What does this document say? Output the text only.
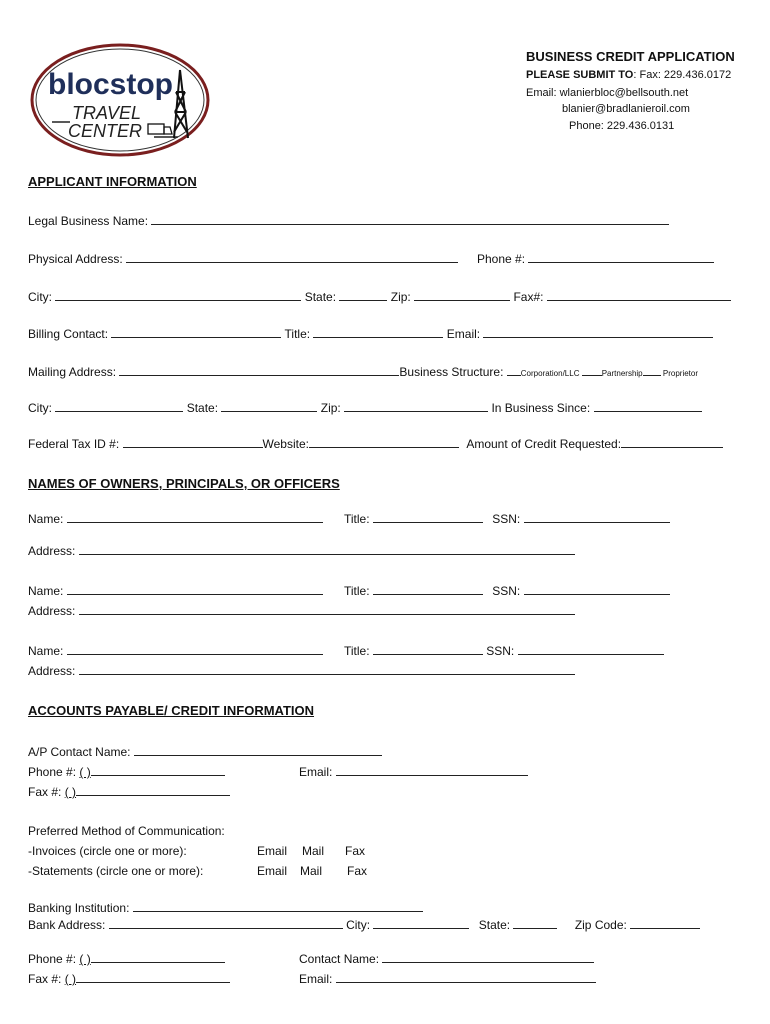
blocstop
TRAVEL
CENTER
BUSINESS CREDIT APPLICATION
PLEASE SUBMIT TO: Fax: 229.436.0172
Email: wlanierbloc@bellsouth.net
blanier@bradlanieroil.com
Phone: 229.436.0131
APPLICANT INFORMATION
Legal Business Name:
Physical Address:	Phone #:
City:	State:	Zip:	Fax#:
Billing Contact:	Title:	Email:
Mailing Address:	Business Structure: Corporation/LLC	Partnership	Proprietor
City:	State:	Zip:	In Business Since:
Federal Tax ID #:	Website:	Amount of Credit Requested:
NAMES OF OWNERS, PRINCIPALS, OR OFFICERS
Name:	Title:	SSN:
Address:
Name:	Title:	SSN:
Address:
Name:	Title:	SSN:
Address:
ACCOUNTS PAYABLE/ CREDIT INFORMATION
A/P Contact Name:
Phone #: ( )	Email:
Fax #: ( )
Preferred Method of Communication:
-Invoices (circle one or more):	Email Mail Fax
-Statements (circle one or more):	Email Mail Fax
Banking Institution:
Bank Address:	City:	State:	Zip Code:
Phone #: ( )	Contact Name:
Fax #: ( )	Email:
